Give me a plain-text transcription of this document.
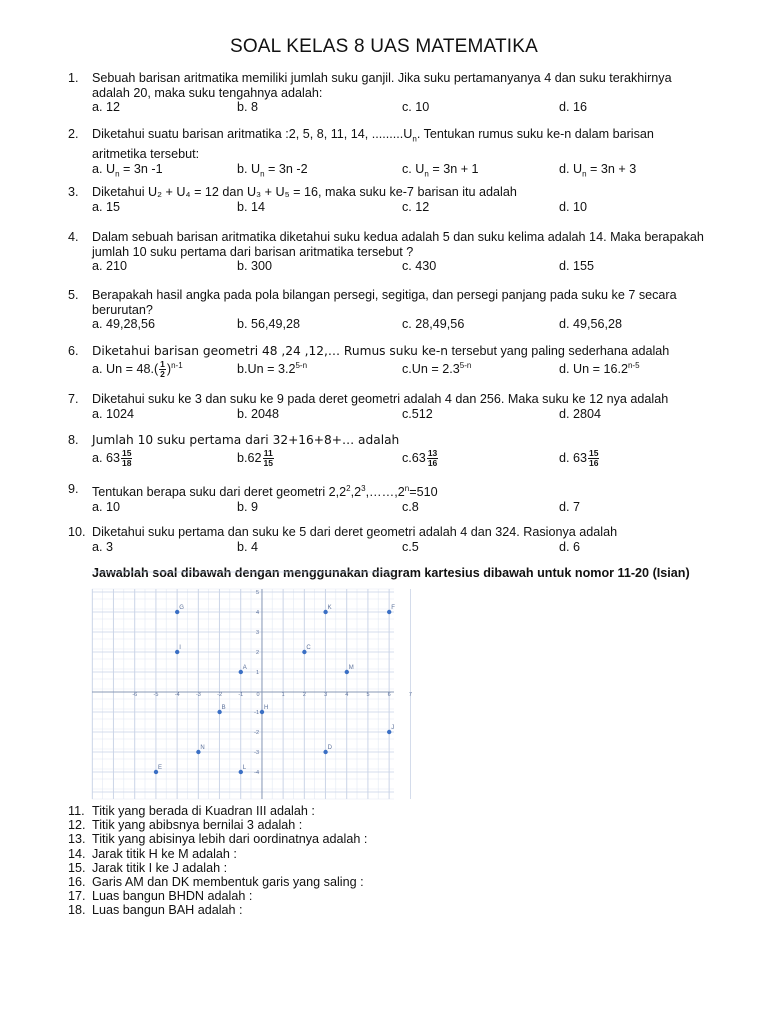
SOAL KELAS 8 UAS MATEMATIKA
1.	Sebuah barisan aritmatika memiliki jumlah suku ganjil. Jika suku pertamanyanya 4 dan suku terakhirnya adalah 20, maka suku tengahnya adalah:
a. 12	b. 8	c. 10	d. 16
2.	Diketahui suatu barisan aritmatika :2, 5, 8, 11, 14, $.........U_n$. Tentukan rumus suku ke-n dalam barisan aritmetika tersebut:
a. $U_n = 3n$ -1	b. $U_n = 3n$ -2	c. $U_n = 3n + 1$	d. $U_n = 3n + 3$
3.	Diketahui U₂ + U₄ = 12 dan U₃ + U₅ = 16, maka suku ke-7 barisan itu adalah
a. 15	b. 14	c. 12	d. 10
4.	Dalam sebuah barisan aritmatika diketahui suku kedua adalah 5 dan suku kelima adalah 14. Maka berapakah jumlah 10 suku pertama dari barisan aritmatika tersebut ?
a. 210	b. 300	c. 430	d. 155
5.	Berapakah hasil angka pada pola bilangan persegi, segitiga, dan persegi panjang pada suku ke 7 secara berurutan?
a. 49,28,56	b. 56,49,28	c. 28,49,56	d. 49,56,28
6.	Diketahui barisan geometri 48 ,24 ,12,… Rumus suku ke-n tersebut yang paling sederhana adalah
a. $Un = 48.( \frac{1}{2} )^{n-1}$	$b.Un = 3.2^{5-n}$	$c.Un = 2.3^{5-n}$	d. $Un = 16.2^{n-5}$
7.	Diketahui suku ke 3 dan suku ke 9 pada deret geometri adalah 4 dan 256. Maka suku ke 12 nya adalah
a. 1024	b. 2048	c.512	d. 2804
8.	Jumlah 10 suku pertama dari 32+16+8+… adalah
a. $63 \frac{15}{18}$	$b.62 \frac{11}{15}$	$c.63 \frac{13}{16}$	d. $63 \frac{15}{16}$
9.	Tentukan berapa suku dari deret geometri $2,2^2,2^3,\dots\dots,2^n=510$
a. 10	b. 9	c.8	d. 7
10. Diketahui suku pertama dan suku ke 5 dari deret geometri adalah 4 dan 324. Rasionya adalah
a. 3	b. 4	c.5	d. 6
Jawablah soal dibawah dengan menggunakan diagram kartesius dibawah untuk nomor 11-20 (Isian)
-6	-5	-4	-3	-2	-1 0	1	2	3	4	5	6	7
5
4
3
2
1
-1
-2
-3
-4
G	K	F
I	C
A	M
B	H
J
N	D
E	L
11. Titik yang berada di Kuadran III adalah :
12. Titik yang abibsnya bernilai 3 adalah :
13. Titik yang abisinya lebih dari oordinatnya adalah :
14. Jarak titik H ke M adalah :
15. Jarak titik I ke J adalah :
16. Garis AM dan DK membentuk garis yang saling :
17. Luas bangun BHDN adalah :
18. Luas bangun BAH adalah :
